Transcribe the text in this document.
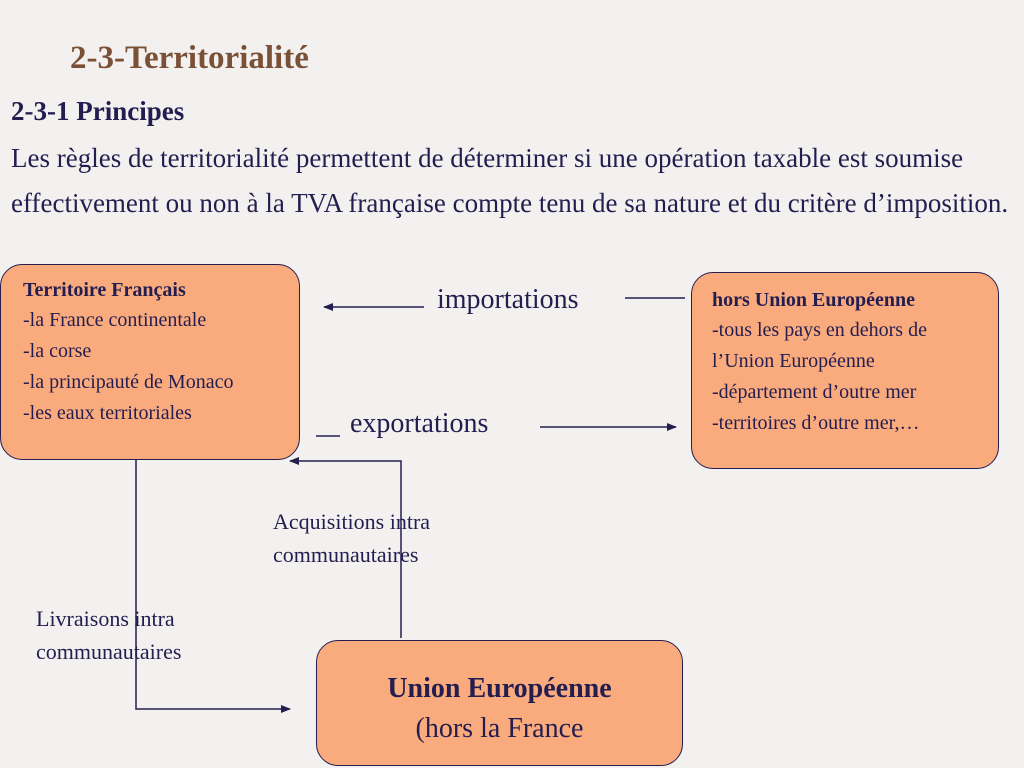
2-3-Territorialité
2-3-1 Principes
Les règles de territorialité permettent de déterminer si une opération taxable est soumise effectivement ou non à la TVA française compte tenu de sa nature et du critère d’imposition.
Territoire Français
-la France continentale
-la corse
-la principauté de Monaco
-les eaux territoriales
hors Union Européenne
-tous les pays en dehors de
l’Union Européenne
-département d’outre mer
-territoires d’outre mer,…
Union Européenne
(hors la France
importations
exportations
Acquisitions intra
communautaires
Livraisons intra
communautaires
